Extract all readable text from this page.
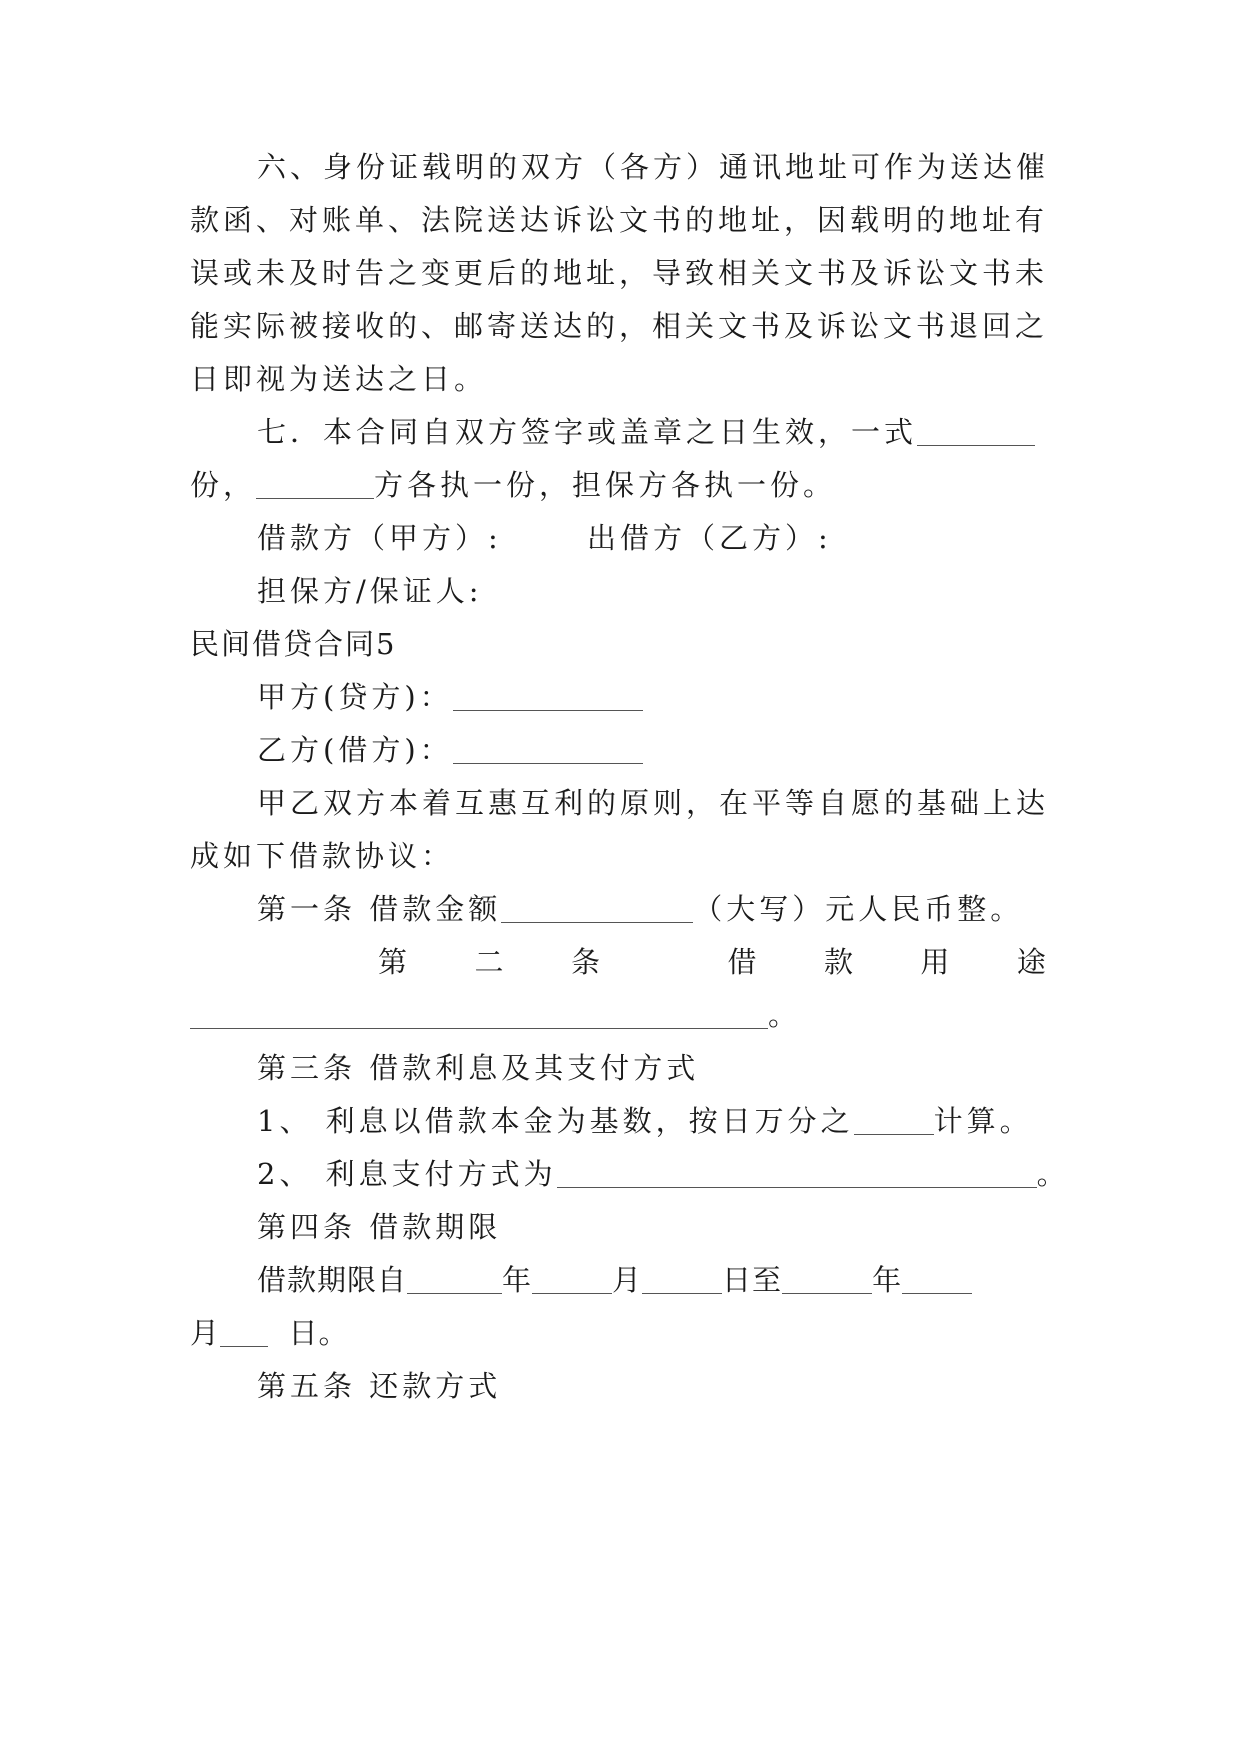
六、身份证载明的双方（各方）通讯地址可作为送达催
款函、对账单、法院送达诉讼文书的地址，因载明的地址有
误或未及时告之变更后的地址，导致相关文书及诉讼文书未
能实际被接收的、邮寄送达的，相关文书及诉讼文书退回之
日即视为送达之日。
七．本合同自双方签字或盖章之日生效，一式
份，	方各执一份，担保方各执一份。
借款方（甲方）:	出借方（乙方）:
担保方/保证人:
民间借贷合同5
甲方(贷方)：
乙方(借方)：
甲乙双方本着互惠互利的原则，在平等自愿的基础上达
成如下借款协议：
第一条 借款金额	（大写）元人民币整。
第 二 条	借 款 用 途
。
第三条 借款利息及其支付方式
1、 利息以借款本金为基数，按日万分之	计算。
2、 利息支付方式为	。
第四条 借款期限
借款期限自	年	月	日至	年
月 日。
第五条 还款方式
